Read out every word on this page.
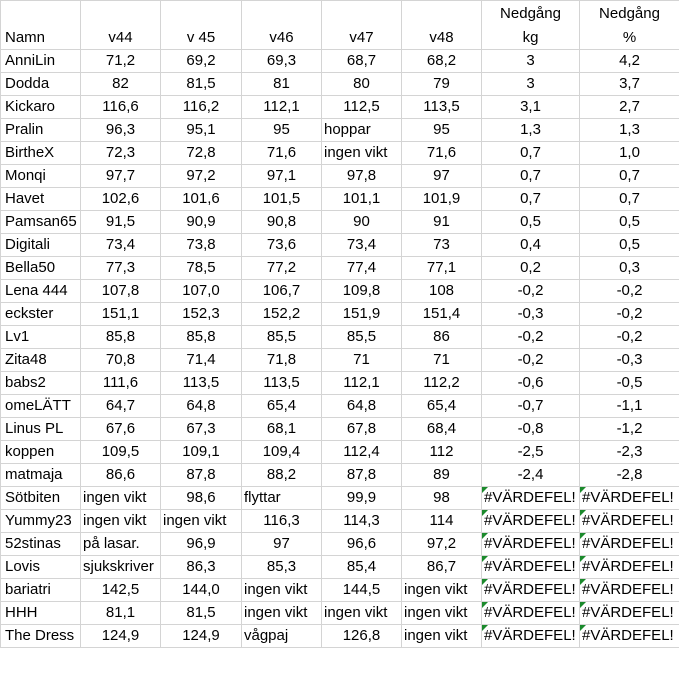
						Nedgång	Nedgång
Namn	v44	v 45	v46	v47	v48	kg	%
AnniLin	71,2	69,2	69,3	68,7	68,2	3	4,2
Dodda	82	81,5	81	80	79	3	3,7
Kickaro	116,6	116,2	112,1	112,5	113,5	3,1	2,7
Pralin	96,3	95,1	95	hoppar	95	1,3	1,3
BirtheX	72,3	72,8	71,6	ingen vikt	71,6	0,7	1,0
Monqi	97,7	97,2	97,1	97,8	97	0,7	0,7
Havet	102,6	101,6	101,5	101,1	101,9	0,7	0,7
Pamsan65	91,5	90,9	90,8	90	91	0,5	0,5
Digitali	73,4	73,8	73,6	73,4	73	0,4	0,5
Bella50	77,3	78,5	77,2	77,4	77,1	0,2	0,3
Lena 444	107,8	107,0	106,7	109,8	108	-0,2	-0,2
eckster	151,1	152,3	152,2	151,9	151,4	-0,3	-0,2
Lv1	85,8	85,8	85,5	85,5	86	-0,2	-0,2
Zita48	70,8	71,4	71,8	71	71	-0,2	-0,3
babs2	111,6	113,5	113,5	112,1	112,2	-0,6	-0,5
omeLÄTT	64,7	64,8	65,4	64,8	65,4	-0,7	-1,1
Linus PL	67,6	67,3	68,1	67,8	68,4	-0,8	-1,2
koppen	109,5	109,1	109,4	112,4	112	-2,5	-2,3
matmaja	86,6	87,8	88,2	87,8	89	-2,4	-2,8
Sötbiten	ingen vikt	98,6	flyttar	99,9	98	#VÄRDEFEL!	#VÄRDEFEL!
Yummy23	ingen vikt	ingen vikt	116,3	114,3	114	#VÄRDEFEL!	#VÄRDEFEL!
52stinas	på lasar.	96,9	97	96,6	97,2	#VÄRDEFEL!	#VÄRDEFEL!
Lovis	sjukskriver	86,3	85,3	85,4	86,7	#VÄRDEFEL!	#VÄRDEFEL!
bariatri	142,5	144,0	ingen vikt	144,5	ingen vikt	#VÄRDEFEL!	#VÄRDEFEL!
HHH	81,1	81,5	ingen vikt	ingen vikt	ingen vikt	#VÄRDEFEL!	#VÄRDEFEL!
The Dress	124,9	124,9	vågpaj	126,8	ingen vikt	#VÄRDEFEL!	#VÄRDEFEL!
